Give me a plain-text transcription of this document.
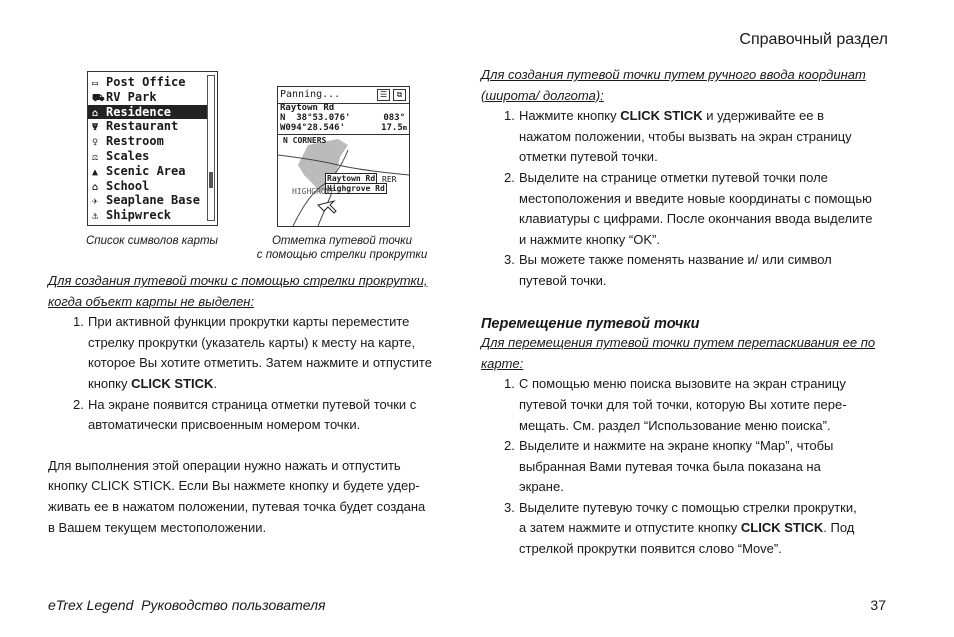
Справочный раздел
▭ Post Office
⛟RV Park
⌂ Residence
Ψ Restaurant
♀ Restroom
⚖ Scales
▲ Scenic Area
⌂ School
✈ Seaplane Base
⚓ Shipwreck
Список символов карты
Panning...	☰	⧉
Raytown Rd
N  38°53.076'
W094°28.546'
083°
17.5m
N CORNERS
Raytown Rd
Highgrove Rd
HIGHGROVE
RER
Отметка путевой точки
с помощью стрелки прокрутки
Для создания путевой точки с помощью стрелки прокрутки,
когда объект карты не выделен:
1. При активной функции прокрутки карты переместите
стрелку прокрутки (указатель карты) к месту на карте,
которое Вы хотите отметить. Затем нажмите и отпустите
кнопку CLICK STICK.
2. На экране появится страница отметки путевой точки с
автоматически присвоенным номером точки.
Для выполнения этой операции нужно нажать и отпустить
кнопку CLICK STICK. Если Вы нажмете кнопку и будете удер-
живать ее в нажатом положении, путевая точка будет создана
в Вашем текущем местоположении.
Для создания путевой точки путем ручного ввода координат
(широта/ долгота):
1. Нажмите кнопку CLICK STICK и удерживайте ее в
нажатом положении, чтобы вызвать на экран страницу
отметки путевой точки.
2. Выделите на странице отметки путевой точки поле
местоположения и введите новые координаты с помощью
клавиатуры с цифрами. После окончания ввода выделите
и нажмите кнопку “OK”.
3. Вы можете также поменять название и/ или символ
путевой точки.
Перемещение путевой точки
Для перемещения путевой точки путем перетаскивания ее по
карте:
1. С помощью меню поиска вызовите на экран страницу
путевой точки для той точки, которую Вы хотите пере-
мещать. См. раздел “Использование меню поиска”.
2. Выделите и нажмите на экране кнопку “Map”, чтобы
выбранная Вами путевая точка была показана на
экране.
3. Выделите путевую точку с помощью стрелки прокрутки,
а затем нажмите и отпустите кнопку CLICK STICK. Под
стрелкой прокрутки появится слово “Move”.
eTrex Legend  Руководство пользователя	37
